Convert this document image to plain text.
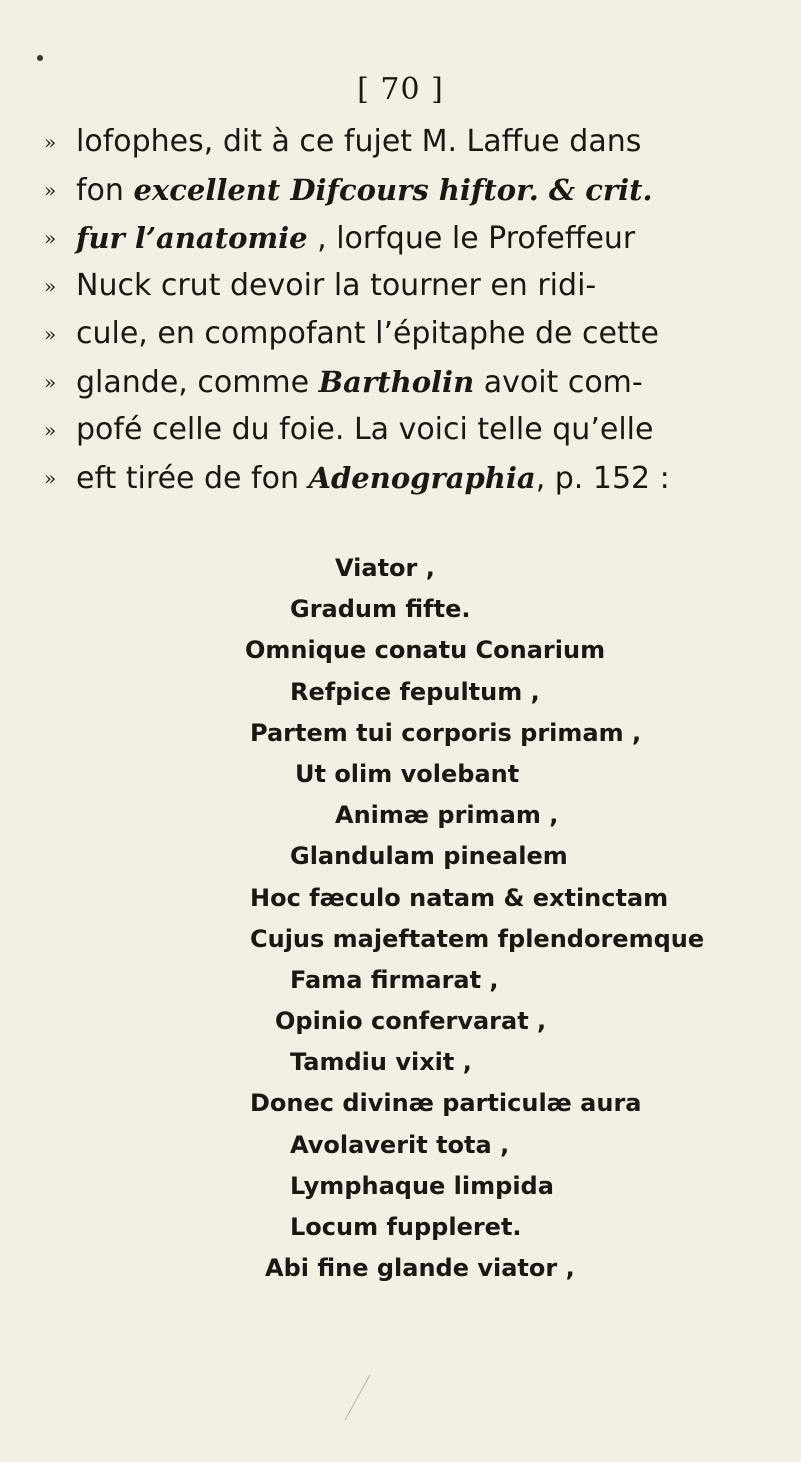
[ 70 ]
» lofophes, dit à ce fujet M. Laffue dans
» fon excellent Difcours hiftor. & crit.
» fur l’anatomie , lorfque le Profeffeur
» Nuck crut devoir la tourner en ridi-
» cule, en compofant l’épitaphe de cette
» glande, comme Bartholin avoit com-
» pofé celle du foie. La voici telle qu’elle
» eft tirée de fon Adenographia, p. 152 :
Viator ,
Gradum fifte.
Omnique conatu Conarium
Refpice fepultum ,
Partem tui corporis primam ,
Ut olim volebant
Animæ primam ,
Glandulam pinealem
Hoc fæculo natam & extinctam
Cujus majeftatem fplendoremque
Fama firmarat ,
Opinio confervarat ,
Tamdiu vixit ,
Donec divinæ particulæ aura
Avolaverit tota ,
Lymphaque limpida
Locum fuppleret.
Abi fine glande viator ,
